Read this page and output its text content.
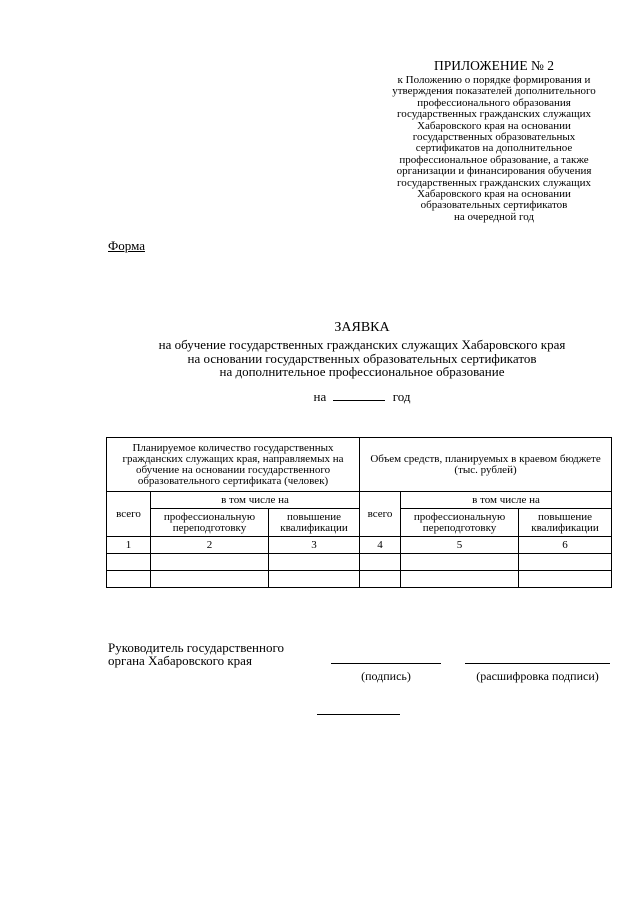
ПРИЛОЖЕНИЕ № 2
к Положению о порядке формирования и
утверждения показателей дополнительного
профессионального образования
государственных гражданских служащих
Хабаровского края на основании
государственных образовательных
сертификатов на дополнительное
профессиональное образование, а также
организации и финансирования обучения
государственных гражданских служащих
Хабаровского края на основании
образовательных сертификатов
на очередной год
Форма
ЗАЯВКА
на обучение государственных гражданских служащих Хабаровского края
на основании государственных образовательных сертификатов
на дополнительное профессиональное образование
на	год
Планируемое количество государственных гражданских служащих края, направляемых на обучение на основании государственного образовательного сертификата (человек)			Объем средств, планируемых в краевом бюджете (тыс. рублей)		
всего	в том числе на		всего	в том числе на	
	профессиональную переподготовку	повышение квалификации		профессиональную переподготовку	повышение квалификации
1	2	3	4	5	6

Руководитель государственного
органа Хабаровского края
(подпись)	(расшифровка подписи)
